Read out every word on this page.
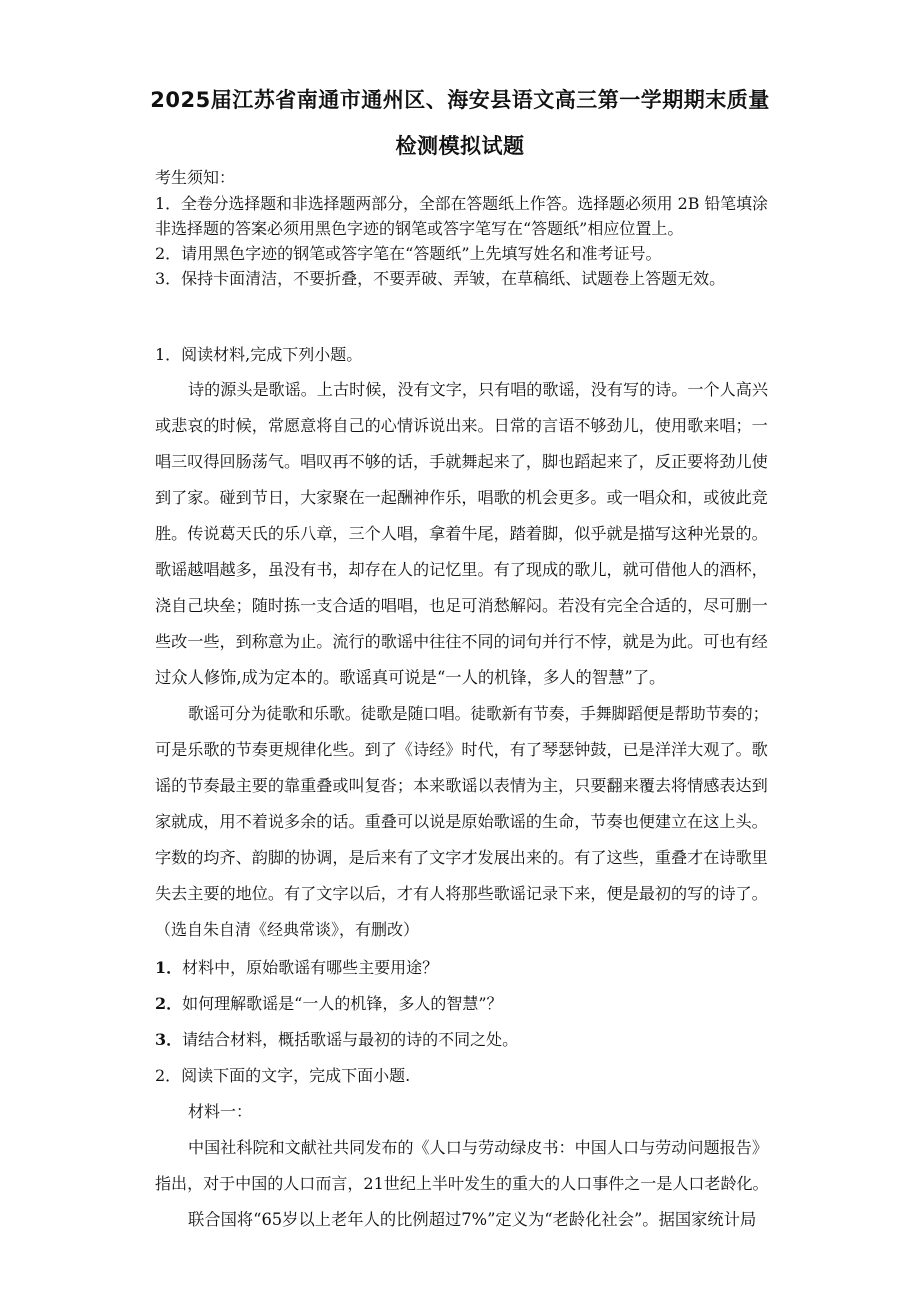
2025届江苏省南通市通州区、海安县语文高三第一学期期末质量
检测模拟试题
考生须知：
1．全卷分选择题和非选择题两部分，全部在答题纸上作答。选择题必须用 2B 铅笔填涂
非选择题的答案必须用黑色字迹的钢笔或答字笔写在“答题纸”相应位置上。
2．请用黑色字迹的钢笔或答字笔在“答题纸”上先填写姓名和准考证号。
3．保持卡面清洁，不要折叠，不要弄破、弄皱，在草稿纸、试题卷上答题无效。
1．阅读材料,完成下列小题。
诗的源头是歌谣。上古时候，没有文字，只有唱的歌谣，没有写的诗。一个人高兴
或悲哀的时候，常愿意将自己的心情诉说出来。日常的言语不够劲儿，使用歌来唱；一
唱三叹得回肠荡气。唱叹再不够的话，手就舞起来了，脚也蹈起来了，反正要将劲儿使
到了家。碰到节日，大家聚在一起酬神作乐，唱歌的机会更多。或一唱众和，或彼此竞
胜。传说葛天氏的乐八章，三个人唱，拿着牛尾，踏着脚，似乎就是描写这种光景的。
歌谣越唱越多，虽没有书，却存在人的记忆里。有了现成的歌儿，就可借他人的酒杯，
浇自己块垒；随时拣一支合适的唱唱，也足可消愁解闷。若没有完全合适的，尽可删一
些改一些，到称意为止。流行的歌谣中往往不同的词句并行不悖，就是为此。可也有经
过众人修饰,成为定本的。歌谣真可说是“一人的机锋，多人的智慧”了。
歌谣可分为徒歌和乐歌。徒歌是随口唱。徒歌新有节奏，手舞脚蹈便是帮助节奏的；
可是乐歌的节奏更规律化些。到了《诗经》时代，有了琴瑟钟鼓，已是洋洋大观了。歌
谣的节奏最主要的靠重叠或叫复沓；本来歌谣以表情为主，只要翻来覆去将情感表达到
家就成，用不着说多余的话。重叠可以说是原始歌谣的生命，节奏也便建立在这上头。
字数的均齐、韵脚的协调，是后来有了文字才发展出来的。有了这些，重叠才在诗歌里
失去主要的地位。有了文字以后，才有人将那些歌谣记录下来，便是最初的写的诗了。
（选自朱自清《经典常谈》，有删改）
1．材料中，原始歌谣有哪些主要用途？
2．如何理解歌谣是“一人的机锋，多人的智慧”？
3．请结合材料，概括歌谣与最初的诗的不同之处。
2．阅读下面的文字，完成下面小题.
材料一：
中国社科院和文献社共同发布的《人口与劳动绿皮书：中国人口与劳动问题报告》
指出，对于中国的人口而言，21世纪上半叶发生的重大的人口事件之一是人口老龄化。
联合国将“65岁以上老年人的比例超过7%”定义为“老龄化社会”。据国家统计局
